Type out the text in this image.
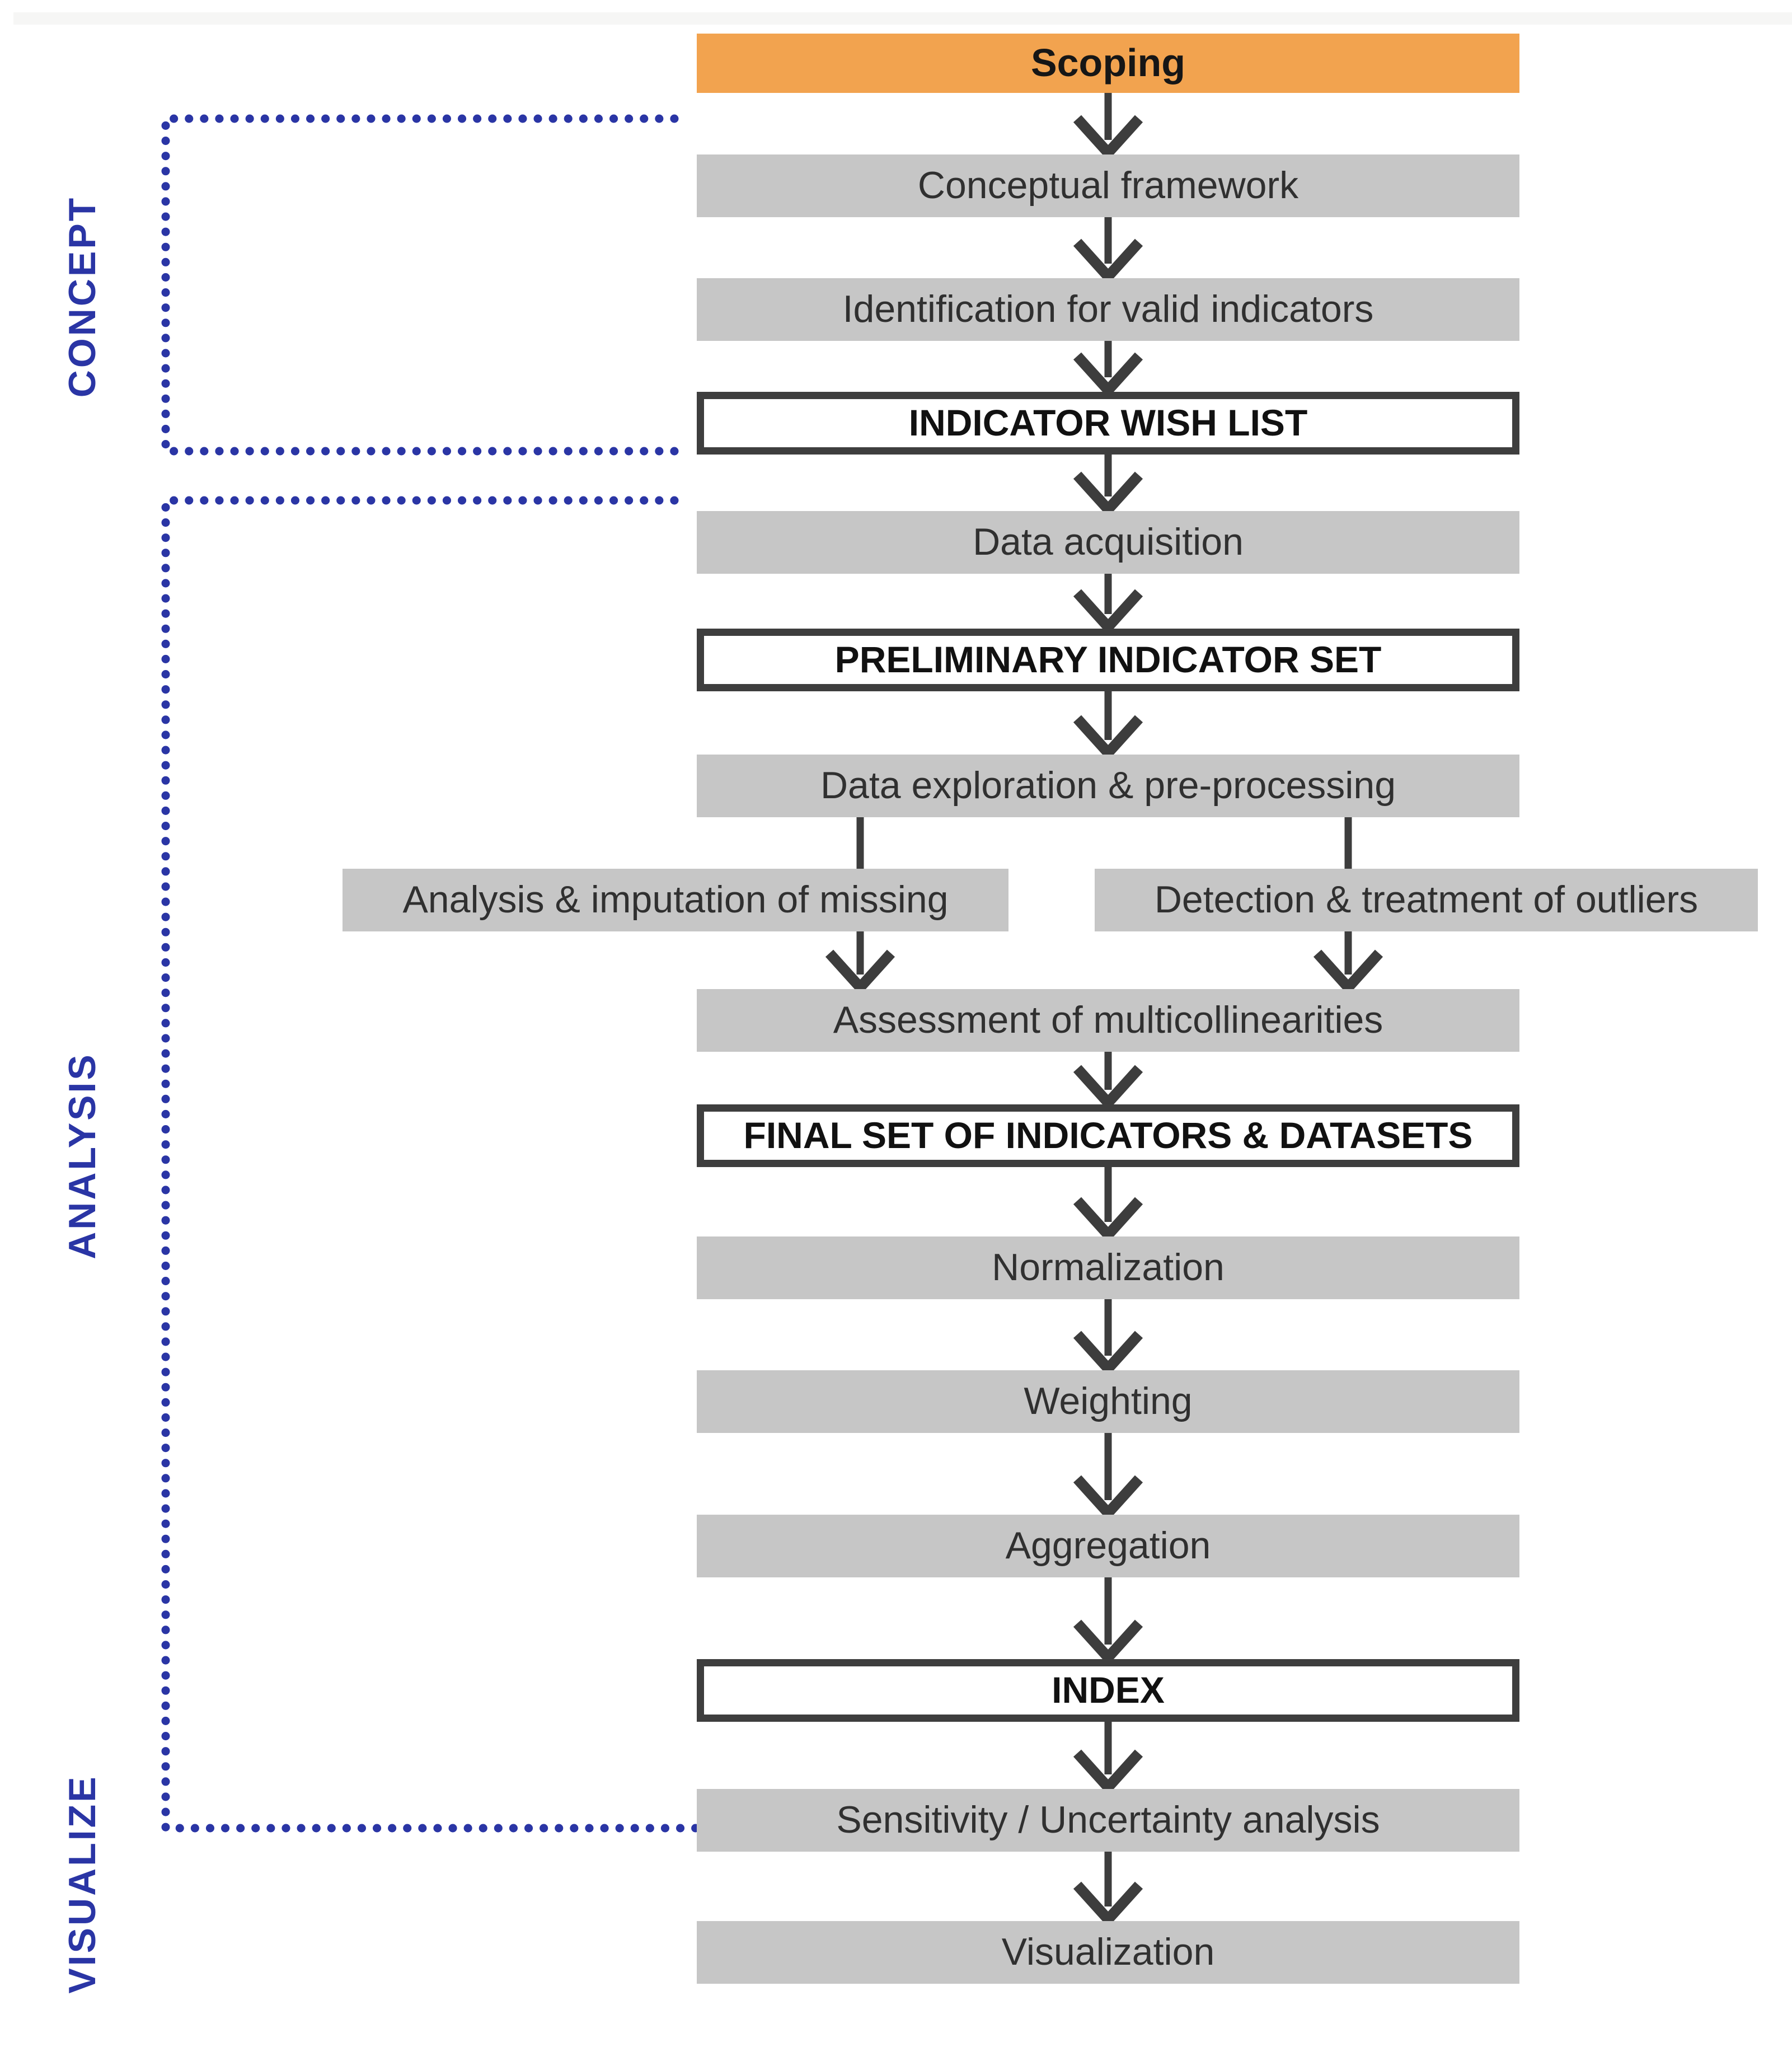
CONCEPT
ANALYSIS
VISUALIZE
Scoping
Conceptual framework
Identification for valid indicators
INDICATOR WISH LIST
Data acquisition
PRELIMINARY INDICATOR SET
Data exploration & pre-processing
Analysis & imputation of missing	Detection & treatment of outliers
Assessment of multicollinearities
FINAL SET OF INDICATORS & DATASETS
Normalization
Weighting
Aggregation
INDEX
Sensitivity / Uncertainty analysis
Visualization
